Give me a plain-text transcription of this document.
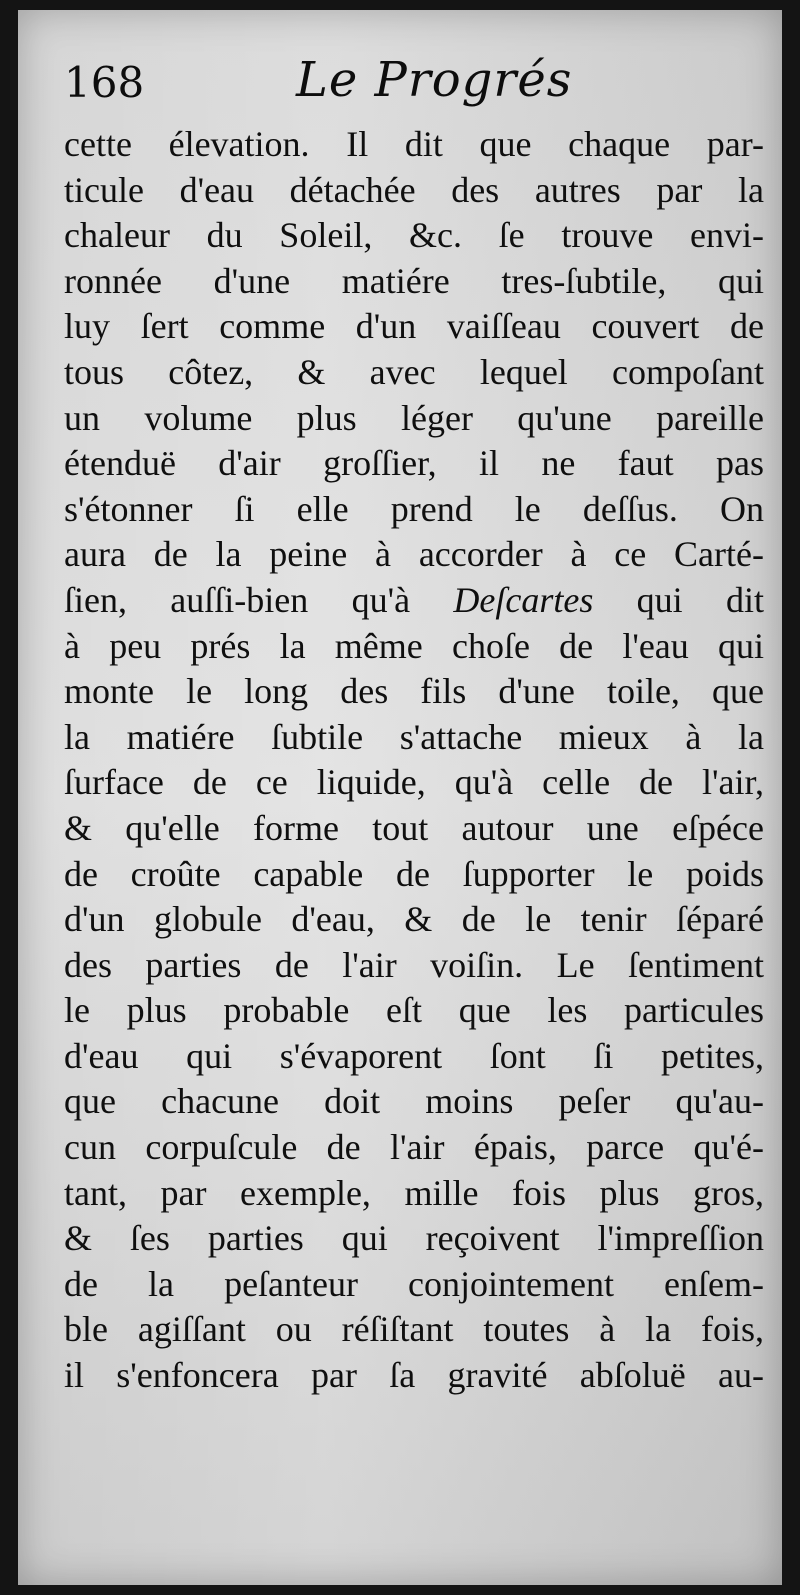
168	Le Progrés
cette élevation. Il dit que chaque par-
ticule d'eau détachée des autres par la
chaleur du Soleil, &c. ſe trouve envi-
ronnée d'une matiére tres-ſubtile, qui
luy ſert comme d'un vaiſſeau couvert de
tous côtez, & avec lequel compoſant
un volume plus léger qu'une pareille
étenduë d'air groſſier, il ne faut pas
s'étonner ſi elle prend le deſſus. On
aura de la peine à accorder à ce Carté-
ſien, auſſi-bien qu'à Deſcartes qui dit
à peu prés la même choſe de l'eau qui
monte le long des fils d'une toile, que
la matiére ſubtile s'attache mieux à la
ſurface de ce liquide, qu'à celle de l'air,
& qu'elle forme tout autour une eſpéce
de croûte capable de ſupporter le poids
d'un globule d'eau, & de le tenir ſéparé
des parties de l'air voiſin. Le ſentiment
le plus probable eſt que les particules
d'eau qui s'évaporent ſont ſi petites,
que chacune doit moins peſer qu'au-
cun corpuſcule de l'air épais, parce qu'é-
tant, par exemple, mille fois plus gros,
& ſes parties qui reçoivent l'impreſſion
de la peſanteur conjointement enſem-
ble agiſſant ou réſiſtant toutes à la fois,
il s'enfoncera par ſa gravité abſoluë au-
